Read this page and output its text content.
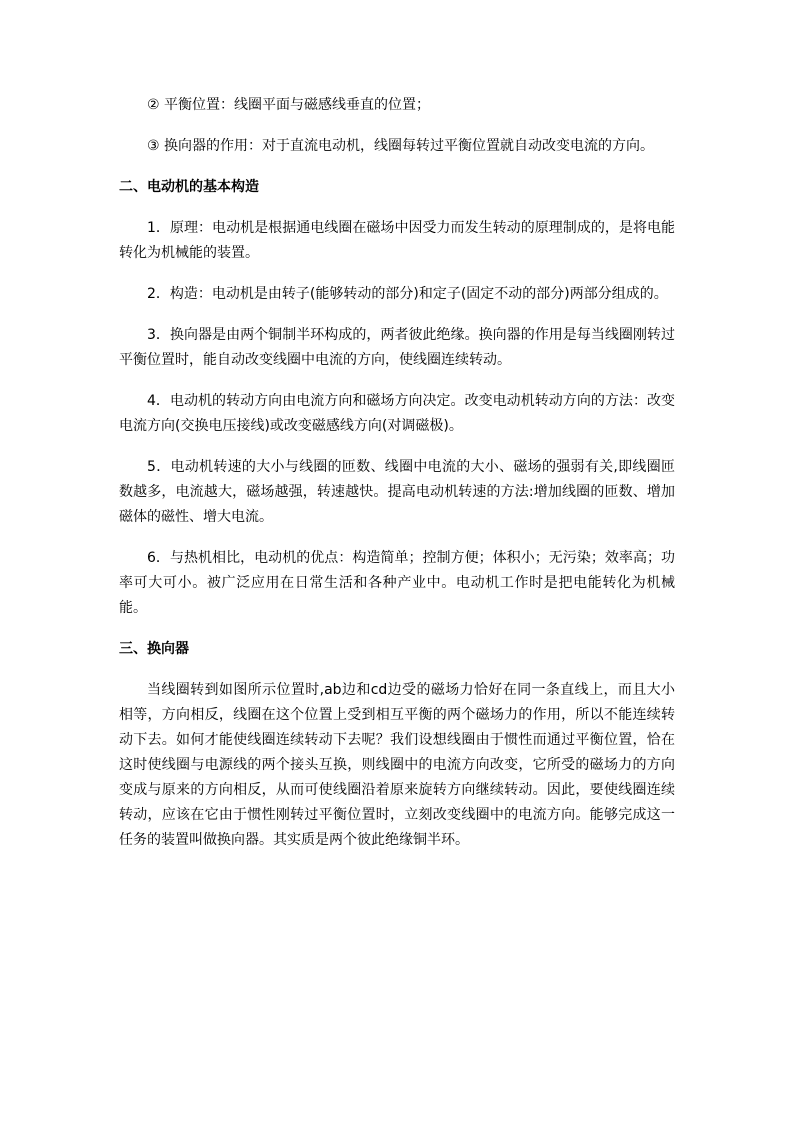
② 平衡位置：线圈平面与磁感线垂直的位置；

③ 换向器的作用：对于直流电动机，线圈每转过平衡位置就自动改变电流的方向。

二、电动机的基本构造

1．原理：电动机是根据通电线圈在磁场中因受力而发生转动的原理制成的，是将电能转化为机械能的装置。

2．构造：电动机是由转子(能够转动的部分)和定子(固定不动的部分)两部分组成的。

3．换向器是由两个铜制半环构成的，两者彼此绝缘。换向器的作用是每当线圈刚转过平衡位置时，能自动改变线圈中电流的方向，使线圈连续转动。

4．电动机的转动方向由电流方向和磁场方向决定。改变电动机转动方向的方法：改变电流方向(交换电压接线)或改变磁感线方向(对调磁极)。

5．电动机转速的大小与线圈的匝数、线圈中电流的大小、磁场的强弱有关,即线圈匝数越多，电流越大，磁场越强，转速越快。提高电动机转速的方法:增加线圈的匝数、增加磁体的磁性、增大电流。

6．与热机相比，电动机的优点：构造简单；控制方便；体积小；无污染；效率高；功率可大可小。被广泛应用在日常生活和各种产业中。电动机工作时是把电能转化为机械能。

三、换向器

当线圈转到如图所示位置时,ab边和cd边受的磁场力恰好在同一条直线上，而且大小相等，方向相反，线圈在这个位置上受到相互平衡的两个磁场力的作用，所以不能连续转动下去。如何才能使线圈连续转动下去呢？我们设想线圈由于惯性而通过平衡位置，恰在这时使线圈与电源线的两个接头互换，则线圈中的电流方向改变，它所受的磁场力的方向变成与原来的方向相反，从而可使线圈沿着原来旋转方向继续转动。因此，要使线圈连续转动，应该在它由于惯性刚转过平衡位置时，立刻改变线圈中的电流方向。能够完成这一任务的装置叫做换向器。其实质是两个彼此绝缘铜半环。
